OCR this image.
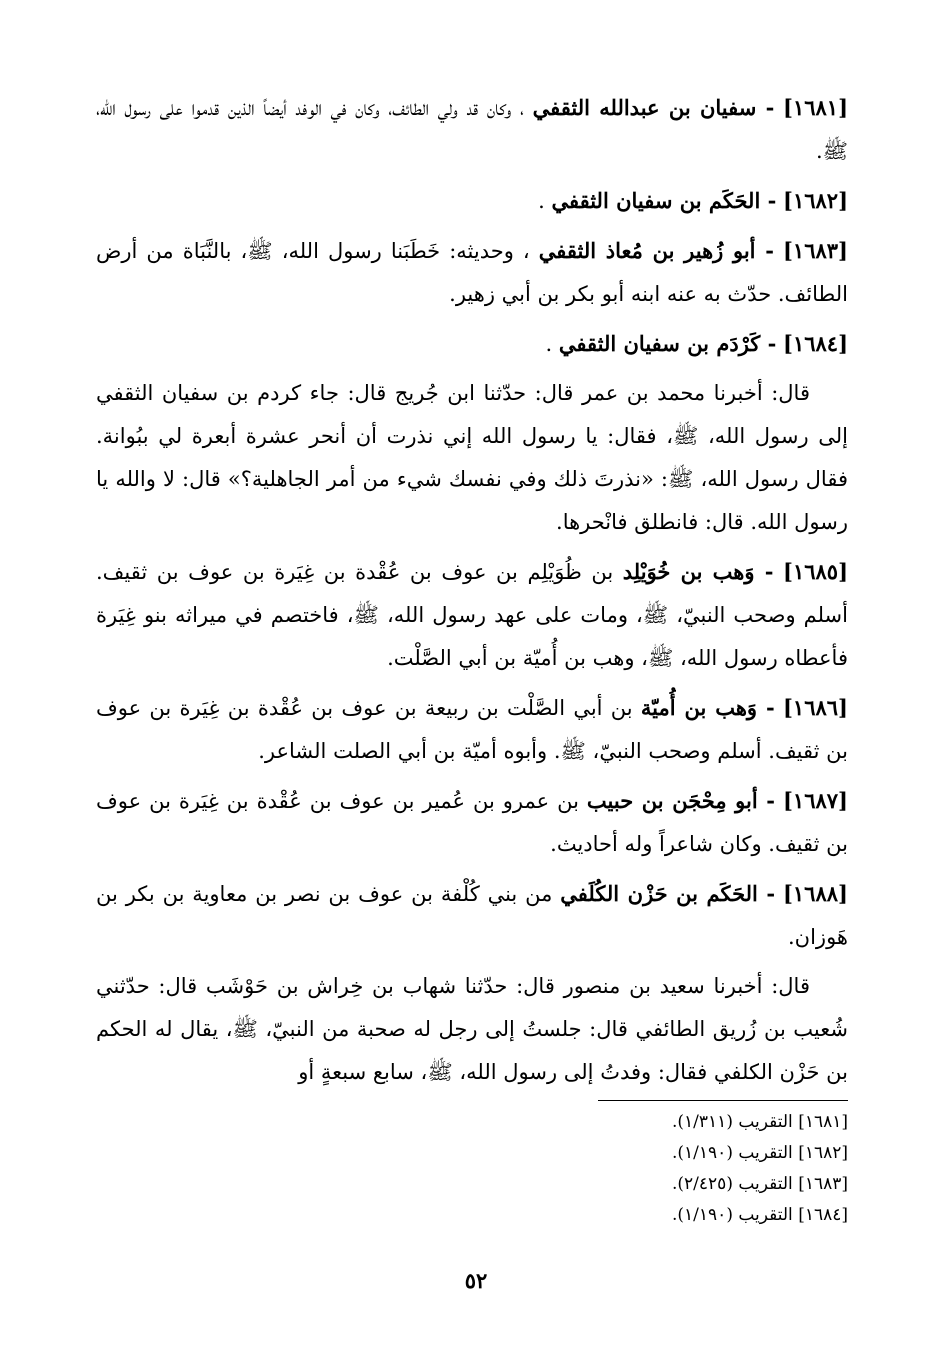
[١٦٨١] - سفيان بن عبدالله الثقفي ، وكان قد ولي الطائف، وكان في الوفد أيضاً الذين قدموا على رسول الله، ﷺ.

[١٦٨٢] - الحَكَم بن سفيان الثقفي .

[١٦٨٣] - أبو زُهير بن مُعاذ الثقفي ، وحديثه: خَطَبَنا رسول الله، ﷺ، بالنَّبَاة من أرض الطائف. حدّث به عنه ابنه أبو بكر بن أبي زهير.

[١٦٨٤] - كَرْدَم بن سفيان الثقفي .

قال: أخبرنا محمد بن عمر قال: حدّثنا ابن جُريج قال: جاء كردم بن سفيان الثقفي إلى رسول الله، ﷺ، فقال: يا رسول الله إني نذرت أن أنحر عشرة أبعرة لي ببُوانة. فقال رسول الله، ﷺ: «نذرتَ ذلك وفي نفسك شيء من أمر الجاهلية؟» قال: لا والله يا رسول الله. قال: فانطلق فانْحرها.

[١٦٨٥] - وَهب بن خُوَيْلِد بن ظُوَيْلِم بن عوف بن عُقْدة بن غِيَرة بن عوف بن ثقيف. أسلم وصحب النبيّ، ﷺ، ومات على عهد رسول الله، ﷺ، فاختصم في ميراثه بنو غِيَرة فأعطاه رسول الله، ﷺ، وهب بن أُميّة بن أبي الصَّلْت.

[١٦٨٦] - وَهب بن أُميّة بن أبي الصَّلْت بن ربيعة بن عوف بن عُقْدة بن غِيَرة بن عوف بن ثقيف. أسلم وصحب النبيّ، ﷺ. وأبوه أميّة بن أبي الصلت الشاعر.

[١٦٨٧] - أبو مِحْجَن بن حبيب بن عمرو بن عُمير بن عوف بن عُقْدة بن غِيَرة بن عوف بن ثقيف. وكان شاعراً وله أحاديث.

[١٦٨٨] - الحَكَم بن حَزْن الكُلَفي من بني كُلْفة بن عوف بن نصر بن معاوية بن بكر بن هَوزان.

قال: أخبرنا سعيد بن منصور قال: حدّثنا شهاب بن خِراش بن حَوْشَب قال: حدّثني شُعيب بن زُريق الطائفي قال: جلستُ إلى رجل له صحبة من النبيّ، ﷺ، يقال له الحكم بن حَزْن الكلفي فقال: وفدتُ إلى رسول الله، ﷺ، سابع سبعةٍ أو

[١٦٨١] التقريب (١/٣١١).

[١٦٨٢] التقريب (١/١٩٠).

[١٦٨٣] التقريب (٢/٤٢٥).

[١٦٨٤] التقريب (١/١٩٠).

٥٢
